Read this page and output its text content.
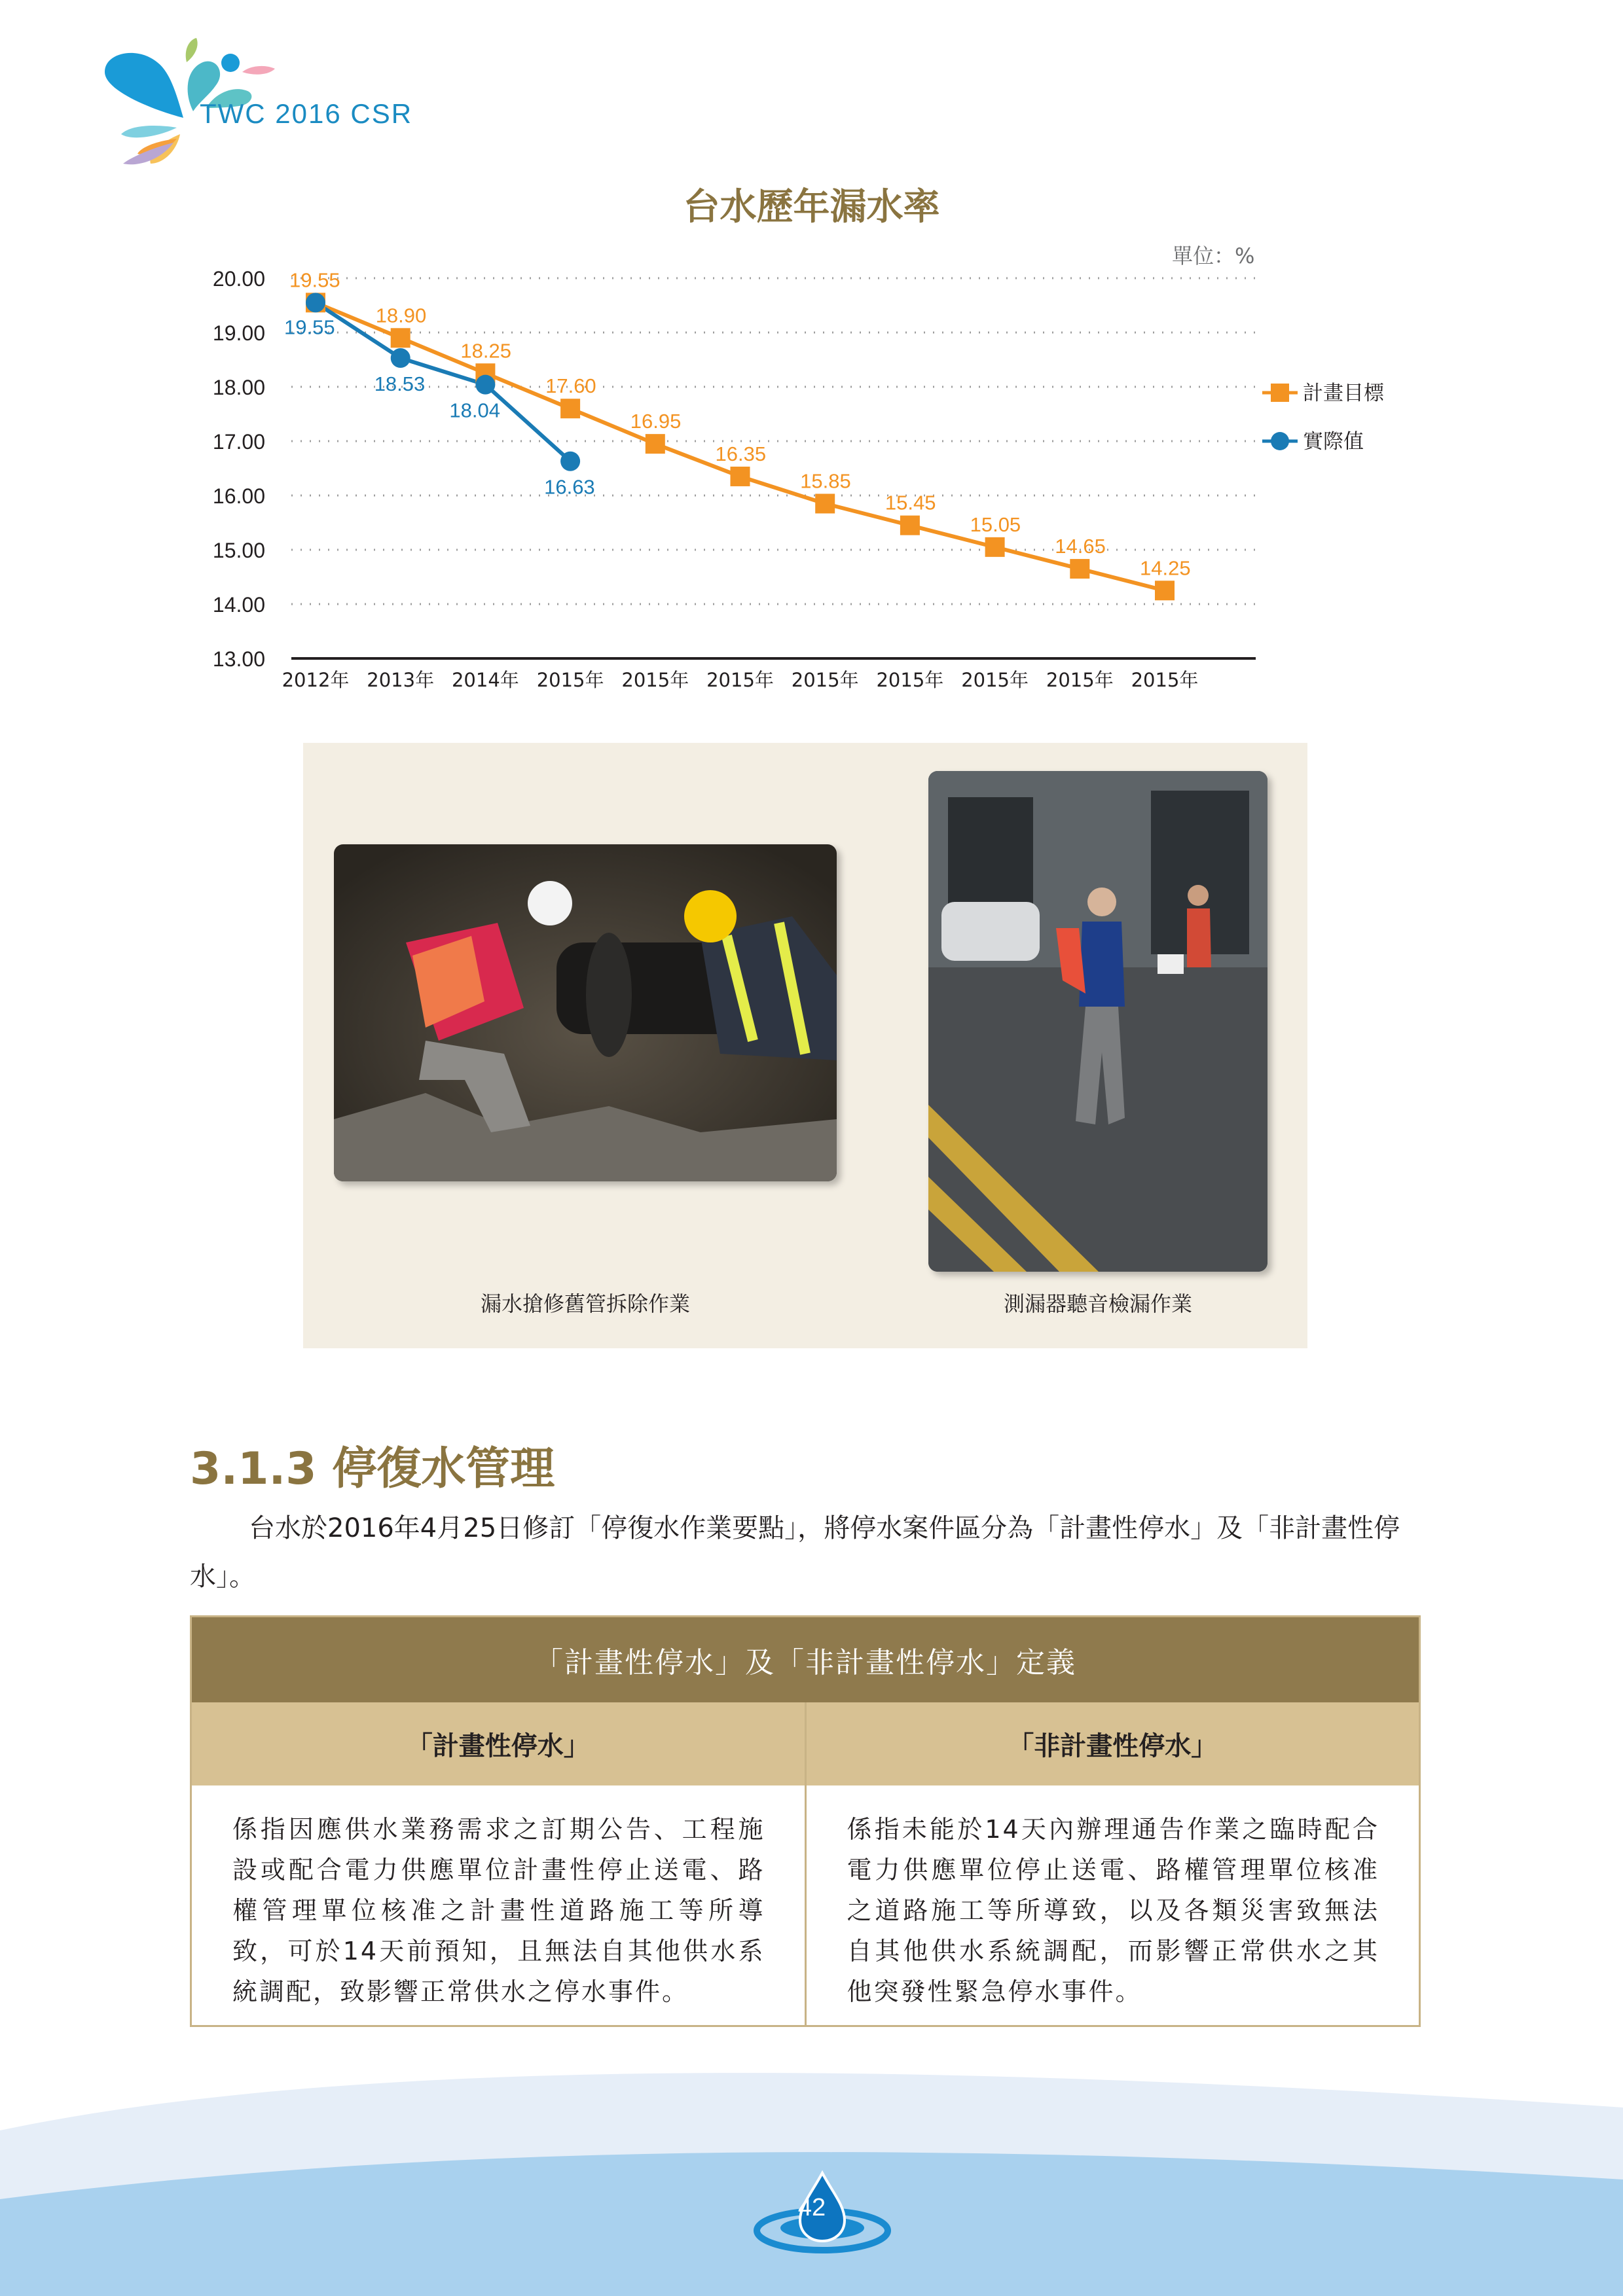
TWC 2016 CSR
台水歷年漏水率
單位：%
20.00
19.00
18.00
17.00
16.00
15.00
14.00
13.00
2012年 2013年 2014年 2015年 2015年 2015年 2015年 2015年 2015年 2015年 2015年
19.55
18.90
18.25
17.60
16.95
16.35
15.85
15.45
15.05
14.65
14.25
19.55
18.53
18.04
16.63
計畫目標
實際值
漏水搶修舊管拆除作業	測漏器聽音檢漏作業
3.1.3 停復水管理
台水於2016年4月25日修訂「停復水作業要點」，將停水案件區分為「計畫性停水」及「非計畫性停水」。
「計畫性停水」及「非計畫性停水」定義
「計畫性停水」	「非計畫性停水」
係指因應供水業務需求之訂期公告、工程施設或配合電力供應單位計畫性停止送電、路權管理單位核准之計畫性道路施工等所導致，可於14天前預知，且無法自其他供水系統調配，致影響正常供水之停水事件。
係指未能於14天內辦理通告作業之臨時配合電力供應單位停止送電、路權管理單位核准之道路施工等所導致，以及各類災害致無法自其他供水系統調配，而影響正常供水之其他突發性緊急停水事件。
42
